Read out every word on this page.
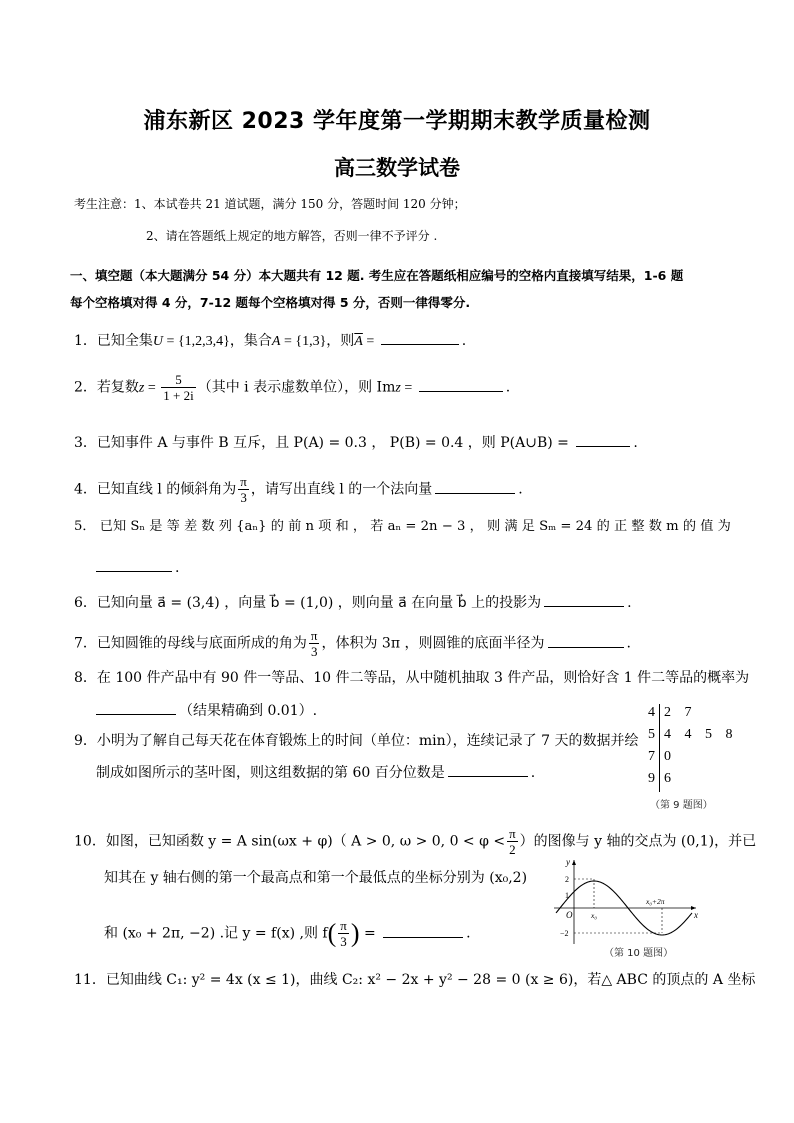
浦东新区 2023 学年度第一学期期末教学质量检测
高三数学试卷
考生注意：1、本试卷共 21 道试题，满分 150 分，答题时间 120 分钟；
2、请在答题纸上规定的地方解答，否则一律不予评分 .
一、填空题（本大题满分 54 分）本大题共有 12 题. 考生应在答题纸相应编号的空格内直接填写结果，1-6 题
每个空格填对得 4 分，7-12 题每个空格填对得 5 分，否则一律得零分.
1．已知全集U = {1,2,3,4}，集合A = {1,3}，则$\overline{A}$ =	.
2．若复数$z = \frac{5}{1 + 2i}$ （其中 i 表示虚数单位），则 Imz =	.
3．已知事件 A 与事件 B 互斥，且 P(A) = 0.3 ， P(B) = 0.4 ，则 P(A∪B) =	.
4．已知直线 l 的倾斜角为 $\frac{\pi}{3}$ ，请写出直线 l 的一个法向量	.
5． 已知 Sₙ 是 等 差 数 列 {aₙ} 的 前 n 项 和 ， 若 aₙ = 2n − 3 ， 则 满 足 Sₘ = 24 的 正 整 数 m 的 值 为
.
6．已知向量 a⃗ = (3,4) ，向量 b⃗ = (1,0) ，则向量 a⃗ 在向量 b⃗ 上的投影为	.
7．已知圆锥的母线与底面所成的角为 $\frac{\pi}{3}$ ，体积为 3π ，则圆锥的底面半径为	.
8．在 100 件产品中有 90 件一等品、10 件二等品，从中随机抽取 3 件产品，则恰好含 1 件二等品的概率为
（结果精确到 0.01）.
9．小明为了解自己每天花在体育锻炼上的时间（单位：min），连续记录了 7 天的数据并绘
制成如图所示的茎叶图，则这组数据的第 60 百分位数是	.
4 2 7
5 4 4 5 8
7 0
9 6
（第 9 题图）
10．如图，已知函数 y = A sin(ωx + φ)（ A > 0, ω > 0, $0 < \varphi < \frac{\pi}{2}$ ）的图像与 y 轴的交点为 (0,1)，并已
知其在 y 轴右侧的第一个最高点和第一个最低点的坐标分别为 (x₀,2)
和 (x₀ + 2π, −2) .记 y = f(x) ,则 $f( \frac{\pi}{3}$ ) =	.
y
x
O
2
1
−2
x₀
x₀+2π
（第 10 题图）
11．已知曲线 C₁: y² = 4x (x ≤ 1)，曲线 C₂: x² − 2x + y² − 28 = 0 (x ≥ 6)，若△ ABC 的顶点的 A 坐标
